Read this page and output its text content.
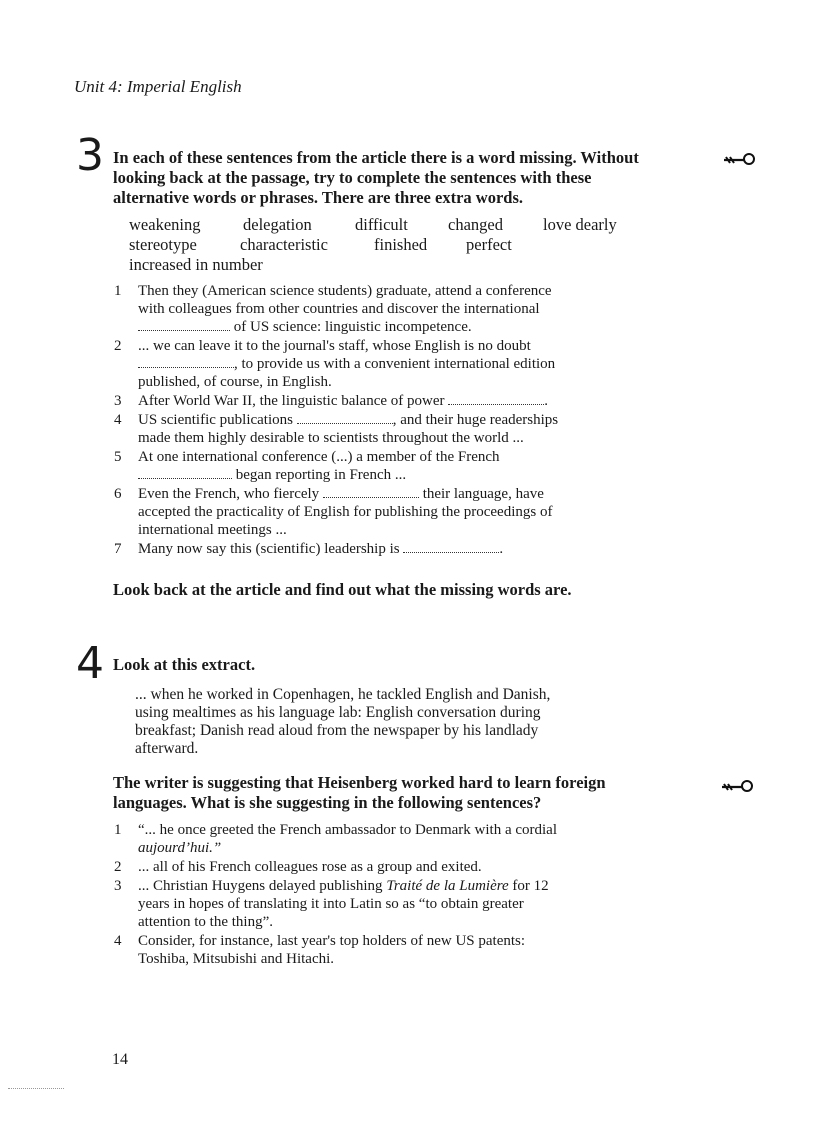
Unit 4: Imperial English
3 In each of these sentences from the article there is a word missing. Without
looking back at the passage, try to complete the sentences with these
alternative words or phrases. There are three extra words.
weakening	delegation	difficult changed love dearly
stereotype	characteristic	finished perfect
increased in number
1 Then they (American science students) graduate, attend a conference
with colleagues from other countries and discover the international
of US science: linguistic incompetence.
2 ... we can leave it to the journal's staff, whose English is no doubt
, to provide us with a convenient international edition
published, of course, in English.
3 After World War II, the linguistic balance of power	.
4 US scientific publications	, and their huge readerships
made them highly desirable to scientists throughout the world ...
5 At one international conference (...) a member of the French
began reporting in French ...
6 Even the French, who fiercely	their language, have
accepted the practicality of English for publishing the proceedings of
international meetings ...
7 Many now say this (scientific) leadership is	.
Look back at the article and find out what the missing words are.
4 Look at this extract.
... when he worked in Copenhagen, he tackled English and Danish,
using mealtimes as his language lab: English conversation during
breakfast; Danish read aloud from the newspaper by his landlady
afterward.
The writer is suggesting that Heisenberg worked hard to learn foreign
languages. What is she suggesting in the following sentences?
1 “... he once greeted the French ambassador to Denmark with a cordial
aujourd’hui.”
2 ... all of his French colleagues rose as a group and exited.
3 ... Christian Huygens delayed publishing Traité de la Lumière for 12
years in hopes of translating it into Latin so as “to obtain greater
attention to the thing”.
4 Consider, for instance, last year's top holders of new US patents:
Toshiba, Mitsubishi and Hitachi.
14
